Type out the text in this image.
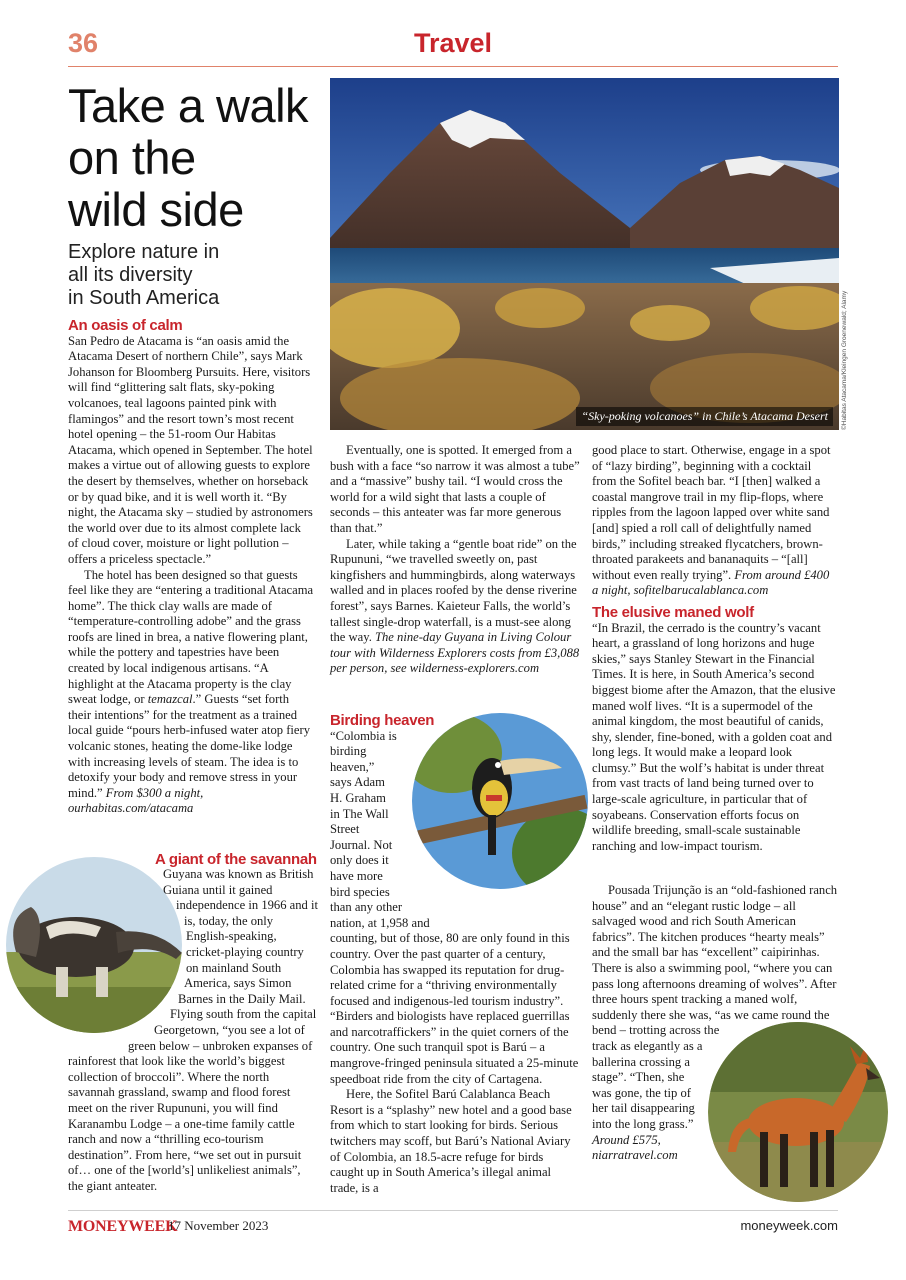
36	Travel
Take a walk
on the
wild side
Explore nature in
all its diversity
in South America
“Sky-poking volcanoes” in Chile’s Atacama Desert	©Habitas Atacama/Kleingen Groenewald; Alamy
An oasis of calm

San Pedro de Atacama is “an oasis amid the Atacama Desert of northern Chile”, says Mark Johanson for Bloomberg Pursuits. Here, visitors will find “glittering salt flats, sky-poking volcanoes, teal lagoons painted pink with flamingos” and the resort town’s most recent hotel opening – the 51-room Our Habitas Atacama, which opened in September. The hotel makes a virtue out of allowing guests to explore the desert by themselves, whether on horseback or by quad bike, and it is well worth it. “By night, the Atacama sky – studied by astronomers the world over due to its almost complete lack of cloud cover, moisture or light pollution – offers a priceless spectacle.”

The hotel has been designed so that guests feel like they are “entering a traditional Atacama home”. The thick clay walls are made of “temperature-controlling adobe” and the grass roofs are lined in brea, a native flowering plant, while the pottery and tapestries have been created by local indigenous artisans. “A highlight at the Atacama property is the clay sweat lodge, or temazcal.” Guests “set forth their intentions” for the treatment as a trained local guide “pours herb-infused water atop fiery volcanic stones, heating the dome-like lodge with increasing levels of steam. The idea is to detoxify your body and remove stress in your mind.” From $300 a night, ourhabitas.com/atacama

A giant of the savannah

Guyana was known as British Guiana until it gained independence in 1966 and it is, today, the only English-speaking, cricket-playing country on mainland South America, says Simon Barnes in the Daily Mail. Flying south from the capital Georgetown, “you see a lot of green below – unbroken expanses of rainforest that look like the world’s biggest collection of broccoli”. Where the north savannah grassland, swamp and flood forest meet on the river Rupununi, you will find Karanambu Lodge – a one-time family cattle ranch and now a “thrilling eco-tourism destination”. From here, “we set out in pursuit of… one of the [world’s] unlikeliest animals”, the giant anteater.

Eventually, one is spotted. It emerged from a bush with a face “so narrow it was almost a tube” and a “massive” bushy tail. “I would cross the world for a wild sight that lasts a couple of seconds – this anteater was far more generous than that.”

Later, while taking a “gentle boat ride” on the Rupununi, “we travelled sweetly on, past kingfishers and hummingbirds, along waterways walled and in places roofed by the dense riverine forest”, says Barnes. Kaieteur Falls, the world’s tallest single-drop waterfall, is a must-see along the way. The nine-day Guyana in Living Colour tour with Wilderness Explorers costs from £3,088 per person, see wilderness-explorers.com

Birding heaven

“Colombia is birding heaven,” says Adam H. Graham in The Wall Street Journal. Not only does it have more bird species than any other nation, at 1,958 and counting, but of those, 80 are only found in this country. Over the past quarter of a century, Colombia has swapped its reputation for drug-related crime for a “thriving environmentally focused and indigenous-led tourism industry”. “Birders and biologists have replaced guerrillas and narcotraffickers” in the quiet corners of the country. One such tranquil spot is Barú – a mangrove-fringed peninsula situated a 25-minute speedboat ride from the city of Cartagena.

Here, the Sofitel Barú Calablanca Beach Resort is a “splashy” new hotel and a good base from which to start looking for birds. Serious twitchers may scoff, but Barú’s National Aviary of Colombia, an 18.5-acre refuge for birds caught up in South America’s illegal animal trade, is a

good place to start. Otherwise, engage in a spot of “lazy birding”, beginning with a cocktail from the Sofitel beach bar. “I [then] walked a coastal mangrove trail in my flip-flops, where ripples from the lagoon lapped over white sand [and] spied a roll call of delightfully named birds,” including streaked flycatchers, brown-throated parakeets and bananaquits – “[all] without even really trying”. From around £400 a night, sofitelbarucalablanca.com

The elusive maned wolf

“In Brazil, the cerrado is the country’s vacant heart, a grassland of long horizons and huge skies,” says Stanley Stewart in the Financial Times. It is here, in South America’s second biggest biome after the Amazon, that the elusive maned wolf lives. “It is a supermodel of the animal kingdom, the most beautiful of canids, shy, slender, fine-boned, with a golden coat and long legs. It would make a leopard look clumsy.” But the wolf’s habitat is under threat from vast tracts of land being turned over to large-scale agriculture, in particular that of soyabeans. Conservation efforts focus on wildlife breeding, small-scale sustainable ranching and low-impact tourism.

Pousada Trijunção is an “old-fashioned ranch house” and an “elegant rustic lodge – all salvaged wood and rich South American fabrics”. The kitchen produces “hearty meals” and the small bar has “excellent” caipirinhas. There is also a swimming pool, “where you can pass long afternoons dreaming of wolves”. After three hours spent tracking a maned wolf, suddenly there she was, “as we came round the bend – trotting across the track as elegantly as a ballerina crossing a stage”. “Then, she was gone, the tip of her tail disappearing into the long grass.” Around £575, niarratravel.com

MONEYWEEK
17 November 2023	moneyweek.com
